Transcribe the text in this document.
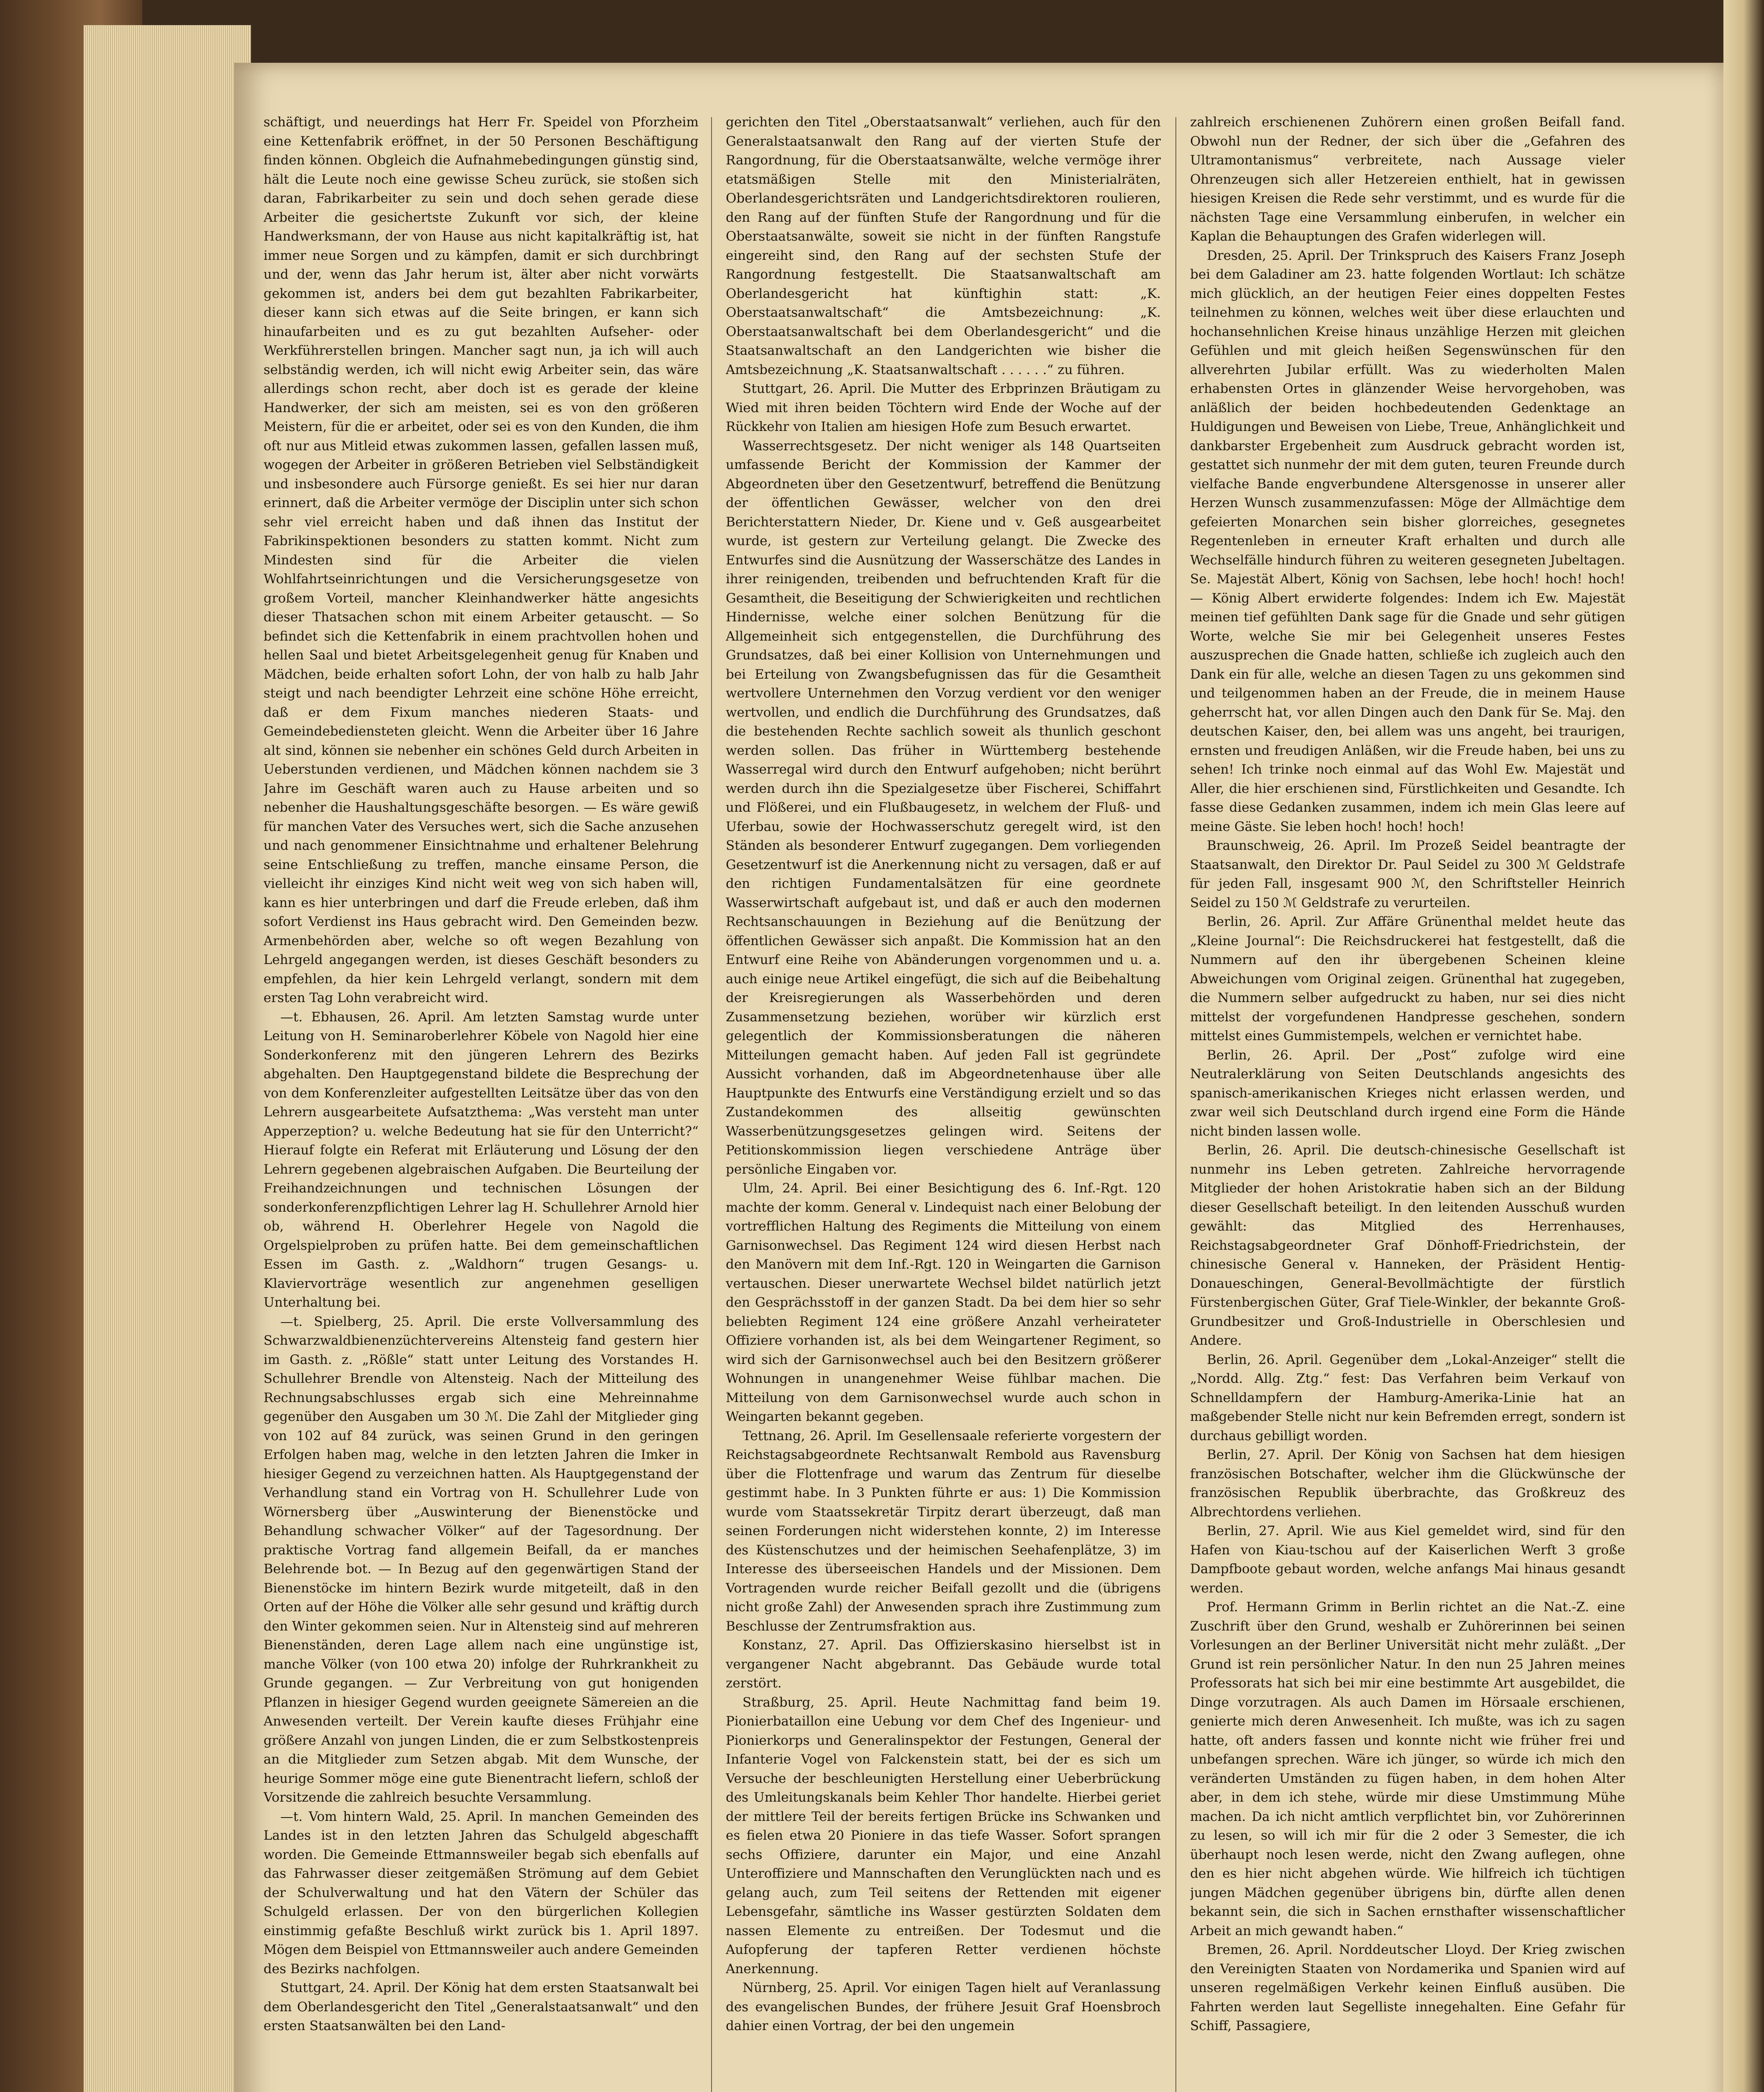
schäftigt, und neuerdings hat Herr Fr. Speidel von Pforzheim eine Kettenfabrik eröffnet, in der 50 Personen Beschäftigung finden können. Obgleich die Aufnahmebedingungen günstig sind, hält die Leute noch eine gewisse Scheu zurück, sie stoßen sich daran, Fabrikarbeiter zu sein und doch sehen gerade diese Arbeiter die gesichertste Zukunft vor sich, der kleine Handwerksmann, der von Hause aus nicht kapitalkräftig ist, hat immer neue Sorgen und zu kämpfen, damit er sich durchbringt und der, wenn das Jahr herum ist, älter aber nicht vorwärts gekommen ist, anders bei dem gut bezahlten Fabrikarbeiter, dieser kann sich etwas auf die Seite bringen, er kann sich hinaufarbeiten und es zu gut bezahlten Aufseher- oder Werkführerstellen bringen. Mancher sagt nun, ja ich will auch selbständig werden, ich will nicht ewig Arbeiter sein, das wäre allerdings schon recht, aber doch ist es gerade der kleine Handwerker, der sich am meisten, sei es von den größeren Meistern, für die er arbeitet, oder sei es von den Kunden, die ihm oft nur aus Mitleid etwas zukommen lassen, gefallen lassen muß, wogegen der Arbeiter in größeren Betrieben viel Selbständigkeit und insbesondere auch Fürsorge genießt. Es sei hier nur daran erinnert, daß die Arbeiter vermöge der Disciplin unter sich schon sehr viel erreicht haben und daß ihnen das Institut der Fabrikinspektionen besonders zu statten kommt. Nicht zum Mindesten sind für die Arbeiter die vielen Wohlfahrtseinrichtungen und die Versicherungsgesetze von großem Vorteil, mancher Kleinhandwerker hätte angesichts dieser Thatsachen schon mit einem Arbeiter getauscht. — So befindet sich die Kettenfabrik in einem prachtvollen hohen und hellen Saal und bietet Arbeitsgelegenheit genug für Knaben und Mädchen, beide erhalten sofort Lohn, der von halb zu halb Jahr steigt und nach beendigter Lehrzeit eine schöne Höhe erreicht, daß er dem Fixum manches niederen Staats- und Gemeindebediensteten gleicht. Wenn die Arbeiter über 16 Jahre alt sind, können sie nebenher ein schönes Geld durch Arbeiten in Ueberstunden verdienen, und Mädchen können nachdem sie 3 Jahre im Geschäft waren auch zu Hause arbeiten und so nebenher die Haushaltungsgeschäfte besorgen. — Es wäre gewiß für manchen Vater des Versuches wert, sich die Sache anzusehen und nach genommener Einsichtnahme und erhaltener Belehrung seine Entschließung zu treffen, manche einsame Person, die vielleicht ihr einziges Kind nicht weit weg von sich haben will, kann es hier unterbringen und darf die Freude erleben, daß ihm sofort Verdienst ins Haus gebracht wird. Den Gemeinden bezw. Armenbehörden aber, welche so oft wegen Bezahlung von Lehrgeld angegangen werden, ist dieses Geschäft besonders zu empfehlen, da hier kein Lehrgeld verlangt, sondern mit dem ersten Tag Lohn verabreicht wird.

—t. Ebhausen, 26. April. Am letzten Samstag wurde unter Leitung von H. Seminaroberlehrer Köbele von Nagold hier eine Sonderkonferenz mit den jüngeren Lehrern des Bezirks abgehalten. Den Hauptgegenstand bildete die Besprechung der von dem Konferenzleiter aufgestellten Leitsätze über das von den Lehrern ausgearbeitete Aufsatzthema: „Was versteht man unter Apperzeption? u. welche Bedeutung hat sie für den Unterricht?“ Hierauf folgte ein Referat mit Erläuterung und Lösung der den Lehrern gegebenen algebraischen Aufgaben. Die Beurteilung der Freihandzeichnungen und technischen Lösungen der sonderkonferenzpflichtigen Lehrer lag H. Schullehrer Arnold hier ob, während H. Oberlehrer Hegele von Nagold die Orgelspielproben zu prüfen hatte. Bei dem gemeinschaftlichen Essen im Gasth. z. „Waldhorn“ trugen Gesangs- u. Klaviervorträge wesentlich zur angenehmen geselligen Unterhaltung bei.

—t. Spielberg, 25. April. Die erste Vollversammlung des Schwarzwaldbienenzüchtervereins Altensteig fand gestern hier im Gasth. z. „Rößle“ statt unter Leitung des Vorstandes H. Schullehrer Brendle von Altensteig. Nach der Mitteilung des Rechnungsabschlusses ergab sich eine Mehreinnahme gegenüber den Ausgaben um 30 ℳ. Die Zahl der Mitglieder ging von 102 auf 84 zurück, was seinen Grund in den geringen Erfolgen haben mag, welche in den letzten Jahren die Imker in hiesiger Gegend zu verzeichnen hatten. Als Hauptgegenstand der Verhandlung stand ein Vortrag von H. Schullehrer Lude von Wörnersberg über „Auswinterung der Bienenstöcke und Behandlung schwacher Völker“ auf der Tagesordnung. Der praktische Vortrag fand allgemein Beifall, da er manches Belehrende bot. — In Bezug auf den gegenwärtigen Stand der Bienenstöcke im hintern Bezirk wurde mitgeteilt, daß in den Orten auf der Höhe die Völker alle sehr gesund und kräftig durch den Winter gekommen seien. Nur in Altensteig sind auf mehreren Bienenständen, deren Lage allem nach eine ungünstige ist, manche Völker (von 100 etwa 20) infolge der Ruhrkrankheit zu Grunde gegangen. — Zur Verbreitung von gut honigenden Pflanzen in hiesiger Gegend wurden geeignete Sämereien an die Anwesenden verteilt. Der Verein kaufte dieses Frühjahr eine größere Anzahl von jungen Linden, die er zum Selbstkostenpreis an die Mitglieder zum Setzen abgab. Mit dem Wunsche, der heurige Sommer möge eine gute Bienentracht liefern, schloß der Vorsitzende die zahlreich besuchte Versammlung.

—t. Vom hintern Wald, 25. April. In manchen Gemeinden des Landes ist in den letzten Jahren das Schulgeld abgeschafft worden. Die Gemeinde Ettmannsweiler begab sich ebenfalls auf das Fahrwasser dieser zeitgemäßen Strömung auf dem Gebiet der Schulverwaltung und hat den Vätern der Schüler das Schulgeld erlassen. Der von den bürgerlichen Kollegien einstimmig gefaßte Beschluß wirkt zurück bis 1. April 1897. Mögen dem Beispiel von Ettmannsweiler auch andere Gemeinden des Bezirks nachfolgen.

Stuttgart, 24. April. Der König hat dem ersten Staatsanwalt bei dem Oberlandesgericht den Titel „Generalstaatsanwalt“ und den ersten Staatsanwälten bei den Land-

gerichten den Titel „Oberstaatsanwalt“ verliehen, auch für den Generalstaatsanwalt den Rang auf der vierten Stufe der Rangordnung, für die Oberstaatsanwälte, welche vermöge ihrer etatsmäßigen Stelle mit den Ministerialräten, Oberlandesgerichtsräten und Landgerichtsdirektoren roulieren, den Rang auf der fünften Stufe der Rangordnung und für die Oberstaatsanwälte, soweit sie nicht in der fünften Rangstufe eingereiht sind, den Rang auf der sechsten Stufe der Rangordnung festgestellt. Die Staatsanwaltschaft am Oberlandesgericht hat künftighin statt: „K. Oberstaatsanwaltschaft“ die Amtsbezeichnung: „K. Oberstaatsanwaltschaft bei dem Oberlandesgericht“ und die Staatsanwaltschaft an den Landgerichten wie bisher die Amtsbezeichnung „K. Staatsanwaltschaft . . . . . .“ zu führen.

Stuttgart, 26. April. Die Mutter des Erbprinzen Bräutigam zu Wied mit ihren beiden Töchtern wird Ende der Woche auf der Rückkehr von Italien am hiesigen Hofe zum Besuch erwartet.

Wasserrechtsgesetz. Der nicht weniger als 148 Quartseiten umfassende Bericht der Kommission der Kammer der Abgeordneten über den Gesetzentwurf, betreffend die Benützung der öffentlichen Gewässer, welcher von den drei Berichterstattern Nieder, Dr. Kiene und v. Geß ausgearbeitet wurde, ist gestern zur Verteilung gelangt. Die Zwecke des Entwurfes sind die Ausnützung der Wasserschätze des Landes in ihrer reinigenden, treibenden und befruchtenden Kraft für die Gesamtheit, die Beseitigung der Schwierigkeiten und rechtlichen Hindernisse, welche einer solchen Benützung für die Allgemeinheit sich entgegenstellen, die Durchführung des Grundsatzes, daß bei einer Kollision von Unternehmungen und bei Erteilung von Zwangsbefugnissen das für die Gesamtheit wertvollere Unternehmen den Vorzug verdient vor den weniger wertvollen, und endlich die Durchführung des Grundsatzes, daß die bestehenden Rechte sachlich soweit als thunlich geschont werden sollen. Das früher in Württemberg bestehende Wasserregal wird durch den Entwurf aufgehoben; nicht berührt werden durch ihn die Spezialgesetze über Fischerei, Schiffahrt und Flößerei, und ein Flußbaugesetz, in welchem der Fluß- und Uferbau, sowie der Hochwasserschutz geregelt wird, ist den Ständen als besonderer Entwurf zugegangen. Dem vorliegenden Gesetzentwurf ist die Anerkennung nicht zu versagen, daß er auf den richtigen Fundamentalsätzen für eine geordnete Wasserwirtschaft aufgebaut ist, und daß er auch den modernen Rechtsanschauungen in Beziehung auf die Benützung der öffentlichen Gewässer sich anpaßt. Die Kommission hat an den Entwurf eine Reihe von Abänderungen vorgenommen und u. a. auch einige neue Artikel eingefügt, die sich auf die Beibehaltung der Kreisregierungen als Wasserbehörden und deren Zusammensetzung beziehen, worüber wir kürzlich erst gelegentlich der Kommissionsberatungen die näheren Mitteilungen gemacht haben. Auf jeden Fall ist gegründete Aussicht vorhanden, daß im Abgeordnetenhause über alle Hauptpunkte des Entwurfs eine Verständigung erzielt und so das Zustandekommen des allseitig gewünschten Wasserbenützungsgesetzes gelingen wird. Seitens der Petitionskommission liegen verschiedene Anträge über persönliche Eingaben vor.

Ulm, 24. April. Bei einer Besichtigung des 6. Inf.-Rgt. 120 machte der komm. General v. Lindequist nach einer Belobung der vortrefflichen Haltung des Regiments die Mitteilung von einem Garnisonwechsel. Das Regiment 124 wird diesen Herbst nach den Manövern mit dem Inf.-Rgt. 120 in Weingarten die Garnison vertauschen. Dieser unerwartete Wechsel bildet natürlich jetzt den Gesprächsstoff in der ganzen Stadt. Da bei dem hier so sehr beliebten Regiment 124 eine größere Anzahl verheirateter Offiziere vorhanden ist, als bei dem Weingartener Regiment, so wird sich der Garnisonwechsel auch bei den Besitzern größerer Wohnungen in unangenehmer Weise fühlbar machen. Die Mitteilung von dem Garnisonwechsel wurde auch schon in Weingarten bekannt gegeben.

Tettnang, 26. April. Im Gesellensaale referierte vorgestern der Reichstagsabgeordnete Rechtsanwalt Rembold aus Ravensburg über die Flottenfrage und warum das Zentrum für dieselbe gestimmt habe. In 3 Punkten führte er aus: 1) Die Kommission wurde vom Staatssekretär Tirpitz derart überzeugt, daß man seinen Forderungen nicht widerstehen konnte, 2) im Interesse des Küstenschutzes und der heimischen Seehafenplätze, 3) im Interesse des überseeischen Handels und der Missionen. Dem Vortragenden wurde reicher Beifall gezollt und die (übrigens nicht große Zahl) der Anwesenden sprach ihre Zustimmung zum Beschlusse der Zentrumsfraktion aus.

Konstanz, 27. April. Das Offizierskasino hierselbst ist in vergangener Nacht abgebrannt. Das Gebäude wurde total zerstört.

Straßburg, 25. April. Heute Nachmittag fand beim 19. Pionierbataillon eine Uebung vor dem Chef des Ingenieur- und Pionierkorps und Generalinspektor der Festungen, General der Infanterie Vogel von Falckenstein statt, bei der es sich um Versuche der beschleunigten Herstellung einer Ueberbrückung des Umleitungskanals beim Kehler Thor handelte. Hierbei geriet der mittlere Teil der bereits fertigen Brücke ins Schwanken und es fielen etwa 20 Pioniere in das tiefe Wasser. Sofort sprangen sechs Offiziere, darunter ein Major, und eine Anzahl Unteroffiziere und Mannschaften den Verunglückten nach und es gelang auch, zum Teil seitens der Rettenden mit eigener Lebensgefahr, sämtliche ins Wasser gestürzten Soldaten dem nassen Elemente zu entreißen. Der Todesmut und die Aufopferung der tapferen Retter verdienen höchste Anerkennung.

Nürnberg, 25. April. Vor einigen Tagen hielt auf Veranlassung des evangelischen Bundes, der frühere Jesuit Graf Hoensbroch dahier einen Vortrag, der bei den ungemein

zahlreich erschienenen Zuhörern einen großen Beifall fand. Obwohl nun der Redner, der sich über die „Gefahren des Ultramontanismus“ verbreitete, nach Aussage vieler Ohrenzeugen sich aller Hetzereien enthielt, hat in gewissen hiesigen Kreisen die Rede sehr verstimmt, und es wurde für die nächsten Tage eine Versammlung einberufen, in welcher ein Kaplan die Behauptungen des Grafen widerlegen will.

Dresden, 25. April. Der Trinkspruch des Kaisers Franz Joseph bei dem Galadiner am 23. hatte folgenden Wortlaut: Ich schätze mich glücklich, an der heutigen Feier eines doppelten Festes teilnehmen zu können, welches weit über diese erlauchten und hochansehnlichen Kreise hinaus unzählige Herzen mit gleichen Gefühlen und mit gleich heißen Segenswünschen für den allverehrten Jubilar erfüllt. Was zu wiederholten Malen erhabensten Ortes in glänzender Weise hervorgehoben, was anläßlich der beiden hochbedeutenden Gedenktage an Huldigungen und Beweisen von Liebe, Treue, Anhänglichkeit und dankbarster Ergebenheit zum Ausdruck gebracht worden ist, gestattet sich nunmehr der mit dem guten, teuren Freunde durch vielfache Bande engverbundene Altersgenosse in unserer aller Herzen Wunsch zusammenzufassen: Möge der Allmächtige dem gefeierten Monarchen sein bisher glorreiches, gesegnetes Regentenleben in erneuter Kraft erhalten und durch alle Wechselfälle hindurch führen zu weiteren gesegneten Jubeltagen. Se. Majestät Albert, König von Sachsen, lebe hoch! hoch! hoch! — König Albert erwiderte folgendes: Indem ich Ew. Majestät meinen tief gefühlten Dank sage für die Gnade und sehr gütigen Worte, welche Sie mir bei Gelegenheit unseres Festes auszusprechen die Gnade hatten, schließe ich zugleich auch den Dank ein für alle, welche an diesen Tagen zu uns gekommen sind und teilgenommen haben an der Freude, die in meinem Hause geherrscht hat, vor allen Dingen auch den Dank für Se. Maj. den deutschen Kaiser, den, bei allem was uns angeht, bei traurigen, ernsten und freudigen Anläßen, wir die Freude haben, bei uns zu sehen! Ich trinke noch einmal auf das Wohl Ew. Majestät und Aller, die hier erschienen sind, Fürstlichkeiten und Gesandte. Ich fasse diese Gedanken zusammen, indem ich mein Glas leere auf meine Gäste. Sie leben hoch! hoch! hoch!

Braunschweig, 26. April. Im Prozeß Seidel beantragte der Staatsanwalt, den Direktor Dr. Paul Seidel zu 300 ℳ Geldstrafe für jeden Fall, insgesamt 900 ℳ, den Schriftsteller Heinrich Seidel zu 150 ℳ Geldstrafe zu verurteilen.

Berlin, 26. April. Zur Affäre Grünenthal meldet heute das „Kleine Journal“: Die Reichsdruckerei hat festgestellt, daß die Nummern auf den ihr übergebenen Scheinen kleine Abweichungen vom Original zeigen. Grünenthal hat zugegeben, die Nummern selber aufgedruckt zu haben, nur sei dies nicht mittelst der vorgefundenen Handpresse geschehen, sondern mittelst eines Gummistempels, welchen er vernichtet habe.

Berlin, 26. April. Der „Post“ zufolge wird eine Neutralerklärung von Seiten Deutschlands angesichts des spanisch-amerikanischen Krieges nicht erlassen werden, und zwar weil sich Deutschland durch irgend eine Form die Hände nicht binden lassen wolle.

Berlin, 26. April. Die deutsch-chinesische Gesellschaft ist nunmehr ins Leben getreten. Zahlreiche hervorragende Mitglieder der hohen Aristokratie haben sich an der Bildung dieser Gesellschaft beteiligt. In den leitenden Ausschuß wurden gewählt: das Mitglied des Herrenhauses, Reichstagsabgeordneter Graf Dönhoff-Friedrichstein, der chinesische General v. Hanneken, der Präsident Hentig-Donaueschingen, General-Bevollmächtigte der fürstlich Fürstenbergischen Güter, Graf Tiele-Winkler, der bekannte Groß-Grundbesitzer und Groß-Industrielle in Oberschlesien und Andere.

Berlin, 26. April. Gegenüber dem „Lokal-Anzeiger“ stellt die „Nordd. Allg. Ztg.“ fest: Das Verfahren beim Verkauf von Schnelldampfern der Hamburg-Amerika-Linie hat an maßgebender Stelle nicht nur kein Befremden erregt, sondern ist durchaus gebilligt worden.

Berlin, 27. April. Der König von Sachsen hat dem hiesigen französischen Botschafter, welcher ihm die Glückwünsche der französischen Republik überbrachte, das Großkreuz des Albrechtordens verliehen.

Berlin, 27. April. Wie aus Kiel gemeldet wird, sind für den Hafen von Kiau-tschou auf der Kaiserlichen Werft 3 große Dampfboote gebaut worden, welche anfangs Mai hinaus gesandt werden.

Prof. Hermann Grimm in Berlin richtet an die Nat.-Z. eine Zuschrift über den Grund, weshalb er Zuhörerinnen bei seinen Vorlesungen an der Berliner Universität nicht mehr zuläßt. „Der Grund ist rein persönlicher Natur. In den nun 25 Jahren meines Professorats hat sich bei mir eine bestimmte Art ausgebildet, die Dinge vorzutragen. Als auch Damen im Hörsaale erschienen, genierte mich deren Anwesenheit. Ich mußte, was ich zu sagen hatte, oft anders fassen und konnte nicht wie früher frei und unbefangen sprechen. Wäre ich jünger, so würde ich mich den veränderten Umständen zu fügen haben, in dem hohen Alter aber, in dem ich stehe, würde mir diese Umstimmung Mühe machen. Da ich nicht amtlich verpflichtet bin, vor Zuhörerinnen zu lesen, so will ich mir für die 2 oder 3 Semester, die ich überhaupt noch lesen werde, nicht den Zwang auflegen, ohne den es hier nicht abgehen würde. Wie hilfreich ich tüchtigen jungen Mädchen gegenüber übrigens bin, dürfte allen denen bekannt sein, die sich in Sachen ernsthafter wissenschaftlicher Arbeit an mich gewandt haben.“

Bremen, 26. April. Norddeutscher Lloyd. Der Krieg zwischen den Vereinigten Staaten von Nordamerika und Spanien wird auf unseren regelmäßigen Verkehr keinen Einfluß ausüben. Die Fahrten werden laut Segelliste innegehalten. Eine Gefahr für Schiff, Passagiere,
